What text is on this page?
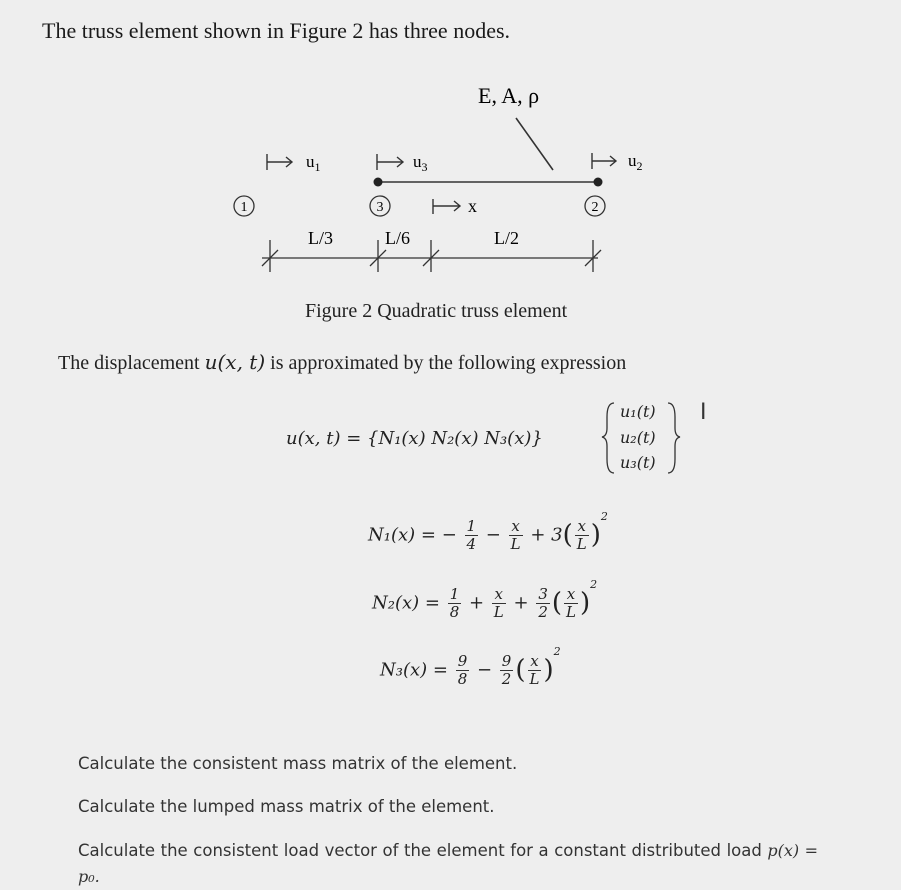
The truss element shown in Figure 2 has three nodes.
E, A, ρ
$u_1$	$u_3$	$u_2$
1	3	2
x
L/3	L/6	L/2
Figure 2 Quadratic truss element
The displacement u(x, t) is approximated by the following expression
u(x, t) = {N₁(x) N₂(x) N₃(x)}
u₁(t)
u₂(t)
u₃(t)
I
N₁(x) = − $\frac{1}{4} - \frac{x}{L} + 3( \frac{x}{L} )^2$
$N_2(x) = \frac{1}{8} + \frac{x}{L} + \frac{3}{2}$ ( $\frac{x}{L} )^2$
$N_3(x) = \frac{9}{8} - \frac{9}{2}$ ( $\frac{x}{L} )^2$
Calculate the consistent mass matrix of the element.
Calculate the lumped mass matrix of the element.
Calculate the consistent load vector of the element for a constant distributed load p(x) = p₀.
